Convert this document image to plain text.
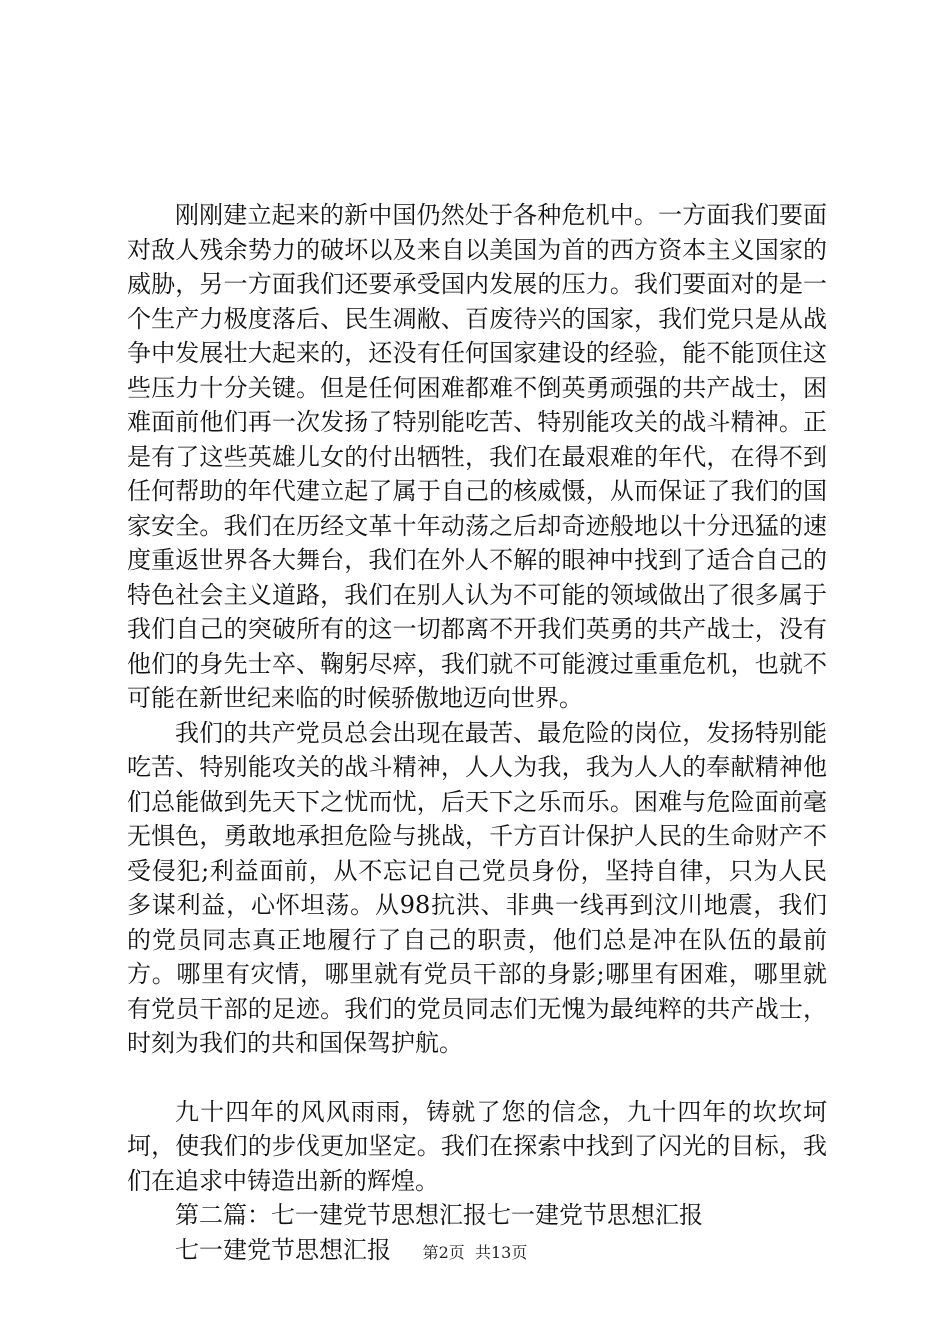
刚刚建立起来的新中国仍然处于各种危机中。一方面我们要面对敌人残余势力的破坏以及来自以美国为首的西方资本主义国家的威胁，另一方面我们还要承受国内发展的压力。我们要面对的是一个生产力极度落后、民生凋敝、百废待兴的国家，我们党只是从战争中发展壮大起来的，还没有任何国家建设的经验，能不能顶住这些压力十分关键。但是任何困难都难不倒英勇顽强的共产战士，困难面前他们再一次发扬了特别能吃苦、特别能攻关的战斗精神。正是有了这些英雄儿女的付出牺牲，我们在最艰难的年代，在得不到任何帮助的年代建立起了属于自己的核威慑，从而保证了我们的国家安全。我们在历经文革十年动荡之后却奇迹般地以十分迅猛的速度重返世界各大舞台，我们在外人不解的眼神中找到了适合自己的特色社会主义道路，我们在别人认为不可能的领域做出了很多属于我们自己的突破所有的这一切都离不开我们英勇的共产战士，没有他们的身先士卒、鞠躬尽瘁，我们就不可能渡过重重危机，也就不可能在新世纪来临的时候骄傲地迈向世界。

我们的共产党员总会出现在最苦、最危险的岗位，发扬特别能吃苦、特别能攻关的战斗精神，人人为我，我为人人的奉献精神他们总能做到先天下之忧而忧，后天下之乐而乐。困难与危险面前毫无惧色，勇敢地承担危险与挑战，千方百计保护人民的生命财产不受侵犯;利益面前，从不忘记自己党员身份，坚持自律，只为人民多谋利益，心怀坦荡。从98抗洪、非典一线再到汶川地震，我们的党员同志真正地履行了自己的职责，他们总是冲在队伍的最前方。哪里有灾情，哪里就有党员干部的身影;哪里有困难，哪里就有党员干部的足迹。我们的党员同志们无愧为最纯粹的共产战士，时刻为我们的共和国保驾护航。

九十四年的风风雨雨，铸就了您的信念，九十四年的坎坎坷坷，使我们的步伐更加坚定。我们在探索中找到了闪光的目标，我们在追求中铸造出新的辉煌。

第二篇：七一建党节思想汇报七一建党节思想汇报

七一建党节思想汇报	第2页 共13页
